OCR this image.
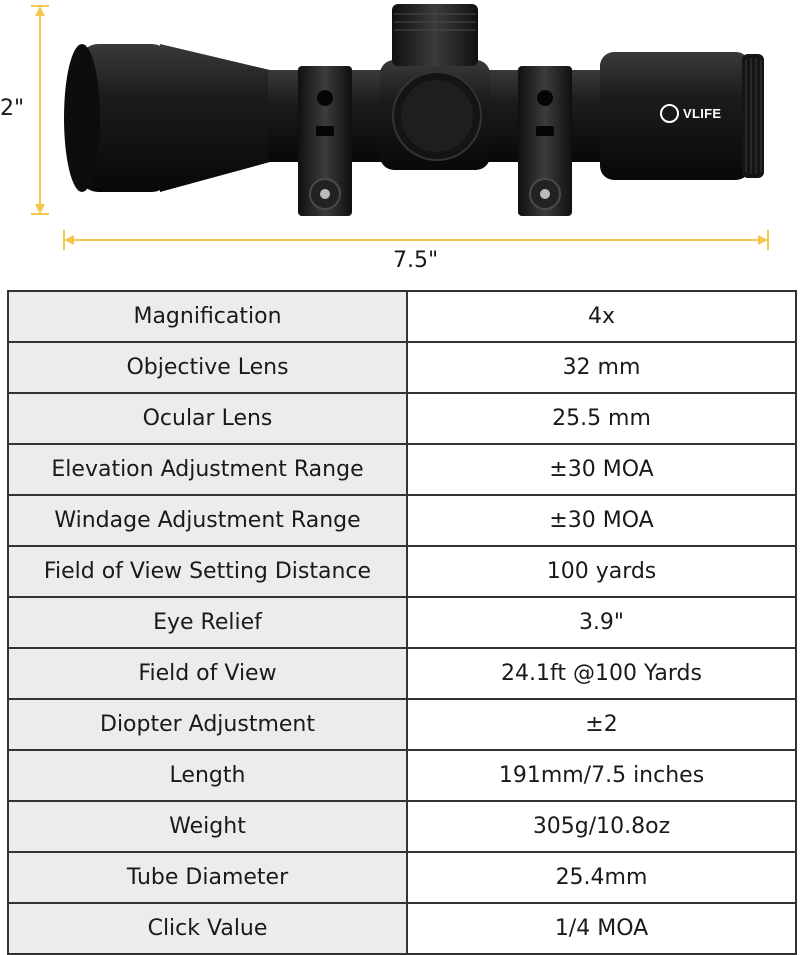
2"
7.5"
VLIFE
Magnification	4x
Objective Lens	32 mm
Ocular Lens	25.5 mm
Elevation Adjustment Range	±30 MOA
Windage Adjustment Range	±30 MOA
Field of View Setting Distance	100 yards
Eye Relief	3.9"
Field of View	24.1ft @100 Yards
Diopter Adjustment	±2
Length	191mm/7.5 inches
Weight	305g/10.8oz
Tube Diameter	25.4mm
Click Value	1/4 MOA
